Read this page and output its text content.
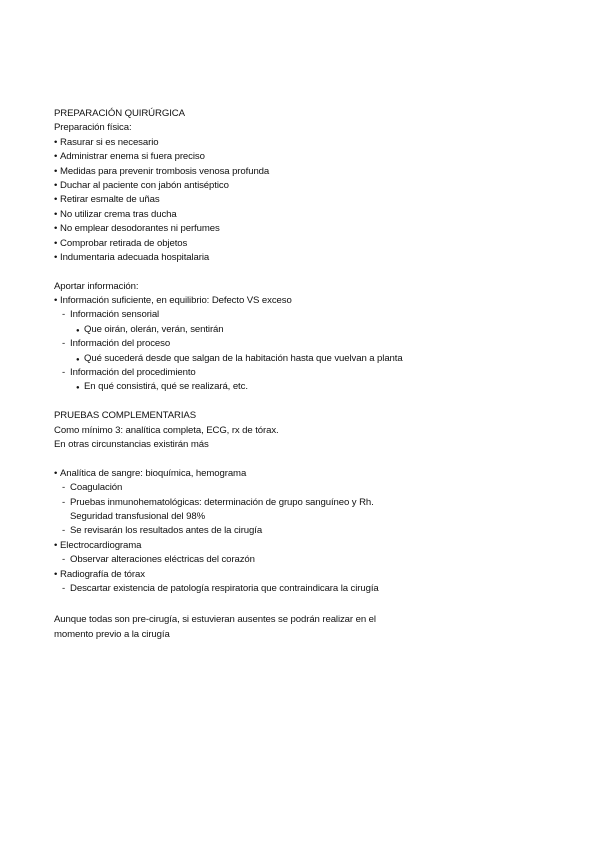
PREPARACIÓN QUIRÚRGICA
Preparación física:
• Rasurar si es necesario
• Administrar enema si fuera preciso
• Medidas para prevenir trombosis venosa profunda
• Duchar al paciente con jabón antiséptico
• Retirar esmalte de uñas
• No utilizar crema tras ducha
• No emplear desodorantes ni perfumes
• Comprobar retirada de objetos
• Indumentaria adecuada hospitalaria
Aportar información:
• Información suficiente, en equilibrio: Defecto VS exceso
- Información sensorial
● Que oirán, olerán, verán, sentirán
- Información del proceso
● Qué sucederá desde que salgan de la habitación hasta que vuelvan a planta
- Información del procedimiento
● En qué consistirá, qué se realizará, etc.
PRUEBAS COMPLEMENTARIAS
Como mínimo 3: analítica completa, ECG, rx de tórax.
En otras circunstancias existirán más
• Analítica de sangre: bioquímica, hemograma
- Coagulación
- Pruebas inmunohematológicas: determinación de grupo sanguíneo y Rh.
Seguridad transfusional del 98%
- Se revisarán los resultados antes de la cirugía
• Electrocardiograma
- Observar alteraciones eléctricas del corazón
• Radiografía de tórax
- Descartar existencia de patología respiratoria que contraindicara la cirugía
Aunque todas son pre-cirugía, si estuvieran ausentes se podrán realizar en el
momento previo a la cirugía
